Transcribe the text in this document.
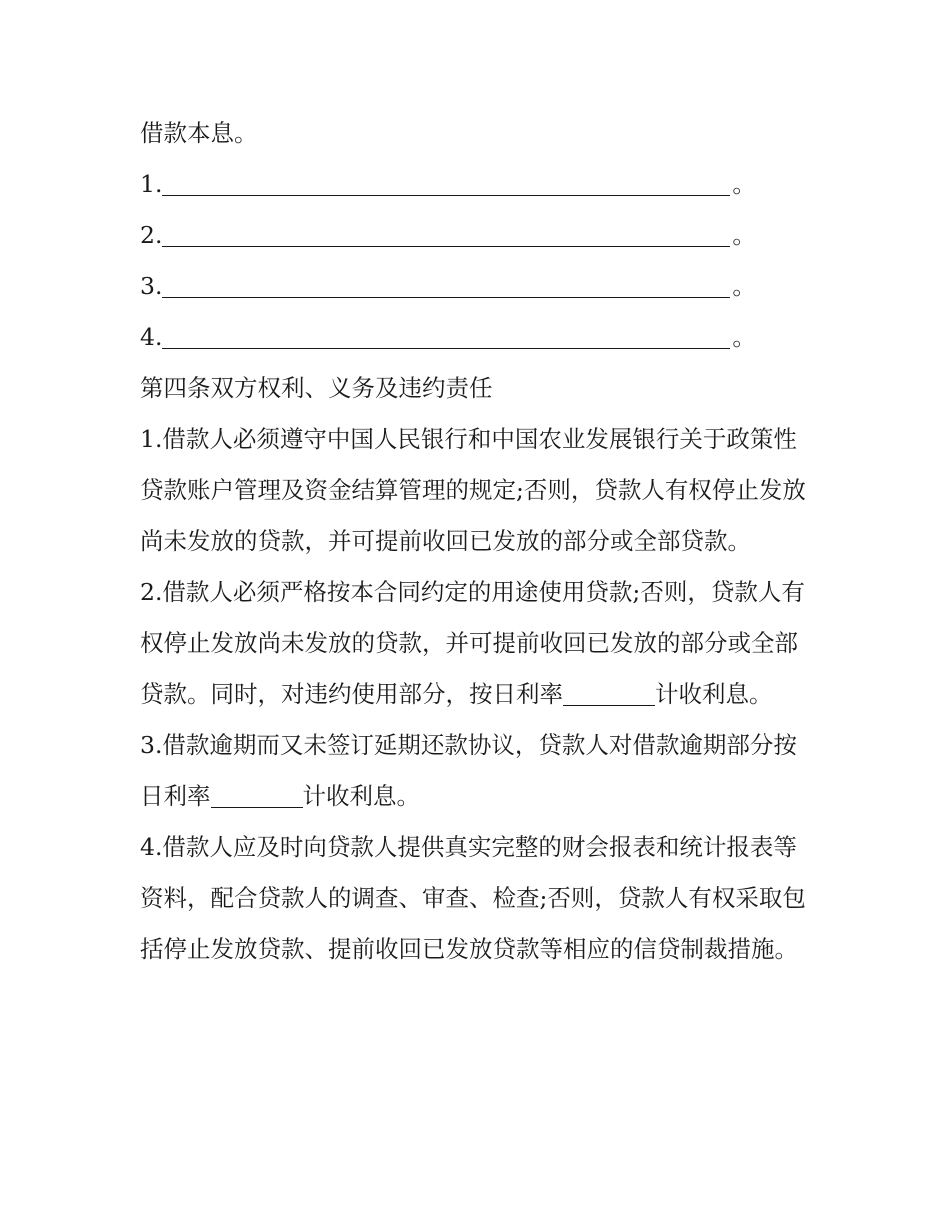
借款本息。
1.	。
2.	。
3.	。
4.	。
第四条双方权利、义务及违约责任
1.借款人必须遵守中国人民银行和中国农业发展银行关于政策性贷款账户管理及资金结算管理的规定;否则，贷款人有权停止发放尚未发放的贷款，并可提前收回已发放的部分或全部贷款。
2.借款人必须严格按本合同约定的用途使用贷款;否则，贷款人有权停止发放尚未发放的贷款，并可提前收回已发放的部分或全部贷款。同时，对违约使用部分，按日利率	计收利息。
3.借款逾期而又未签订延期还款协议，贷款人对借款逾期部分按日利率	计收利息。
4.借款人应及时向贷款人提供真实完整的财会报表和统计报表等资料，配合贷款人的调查、审查、检查;否则，贷款人有权采取包括停止发放贷款、提前收回已发放贷款等相应的信贷制裁措施。
